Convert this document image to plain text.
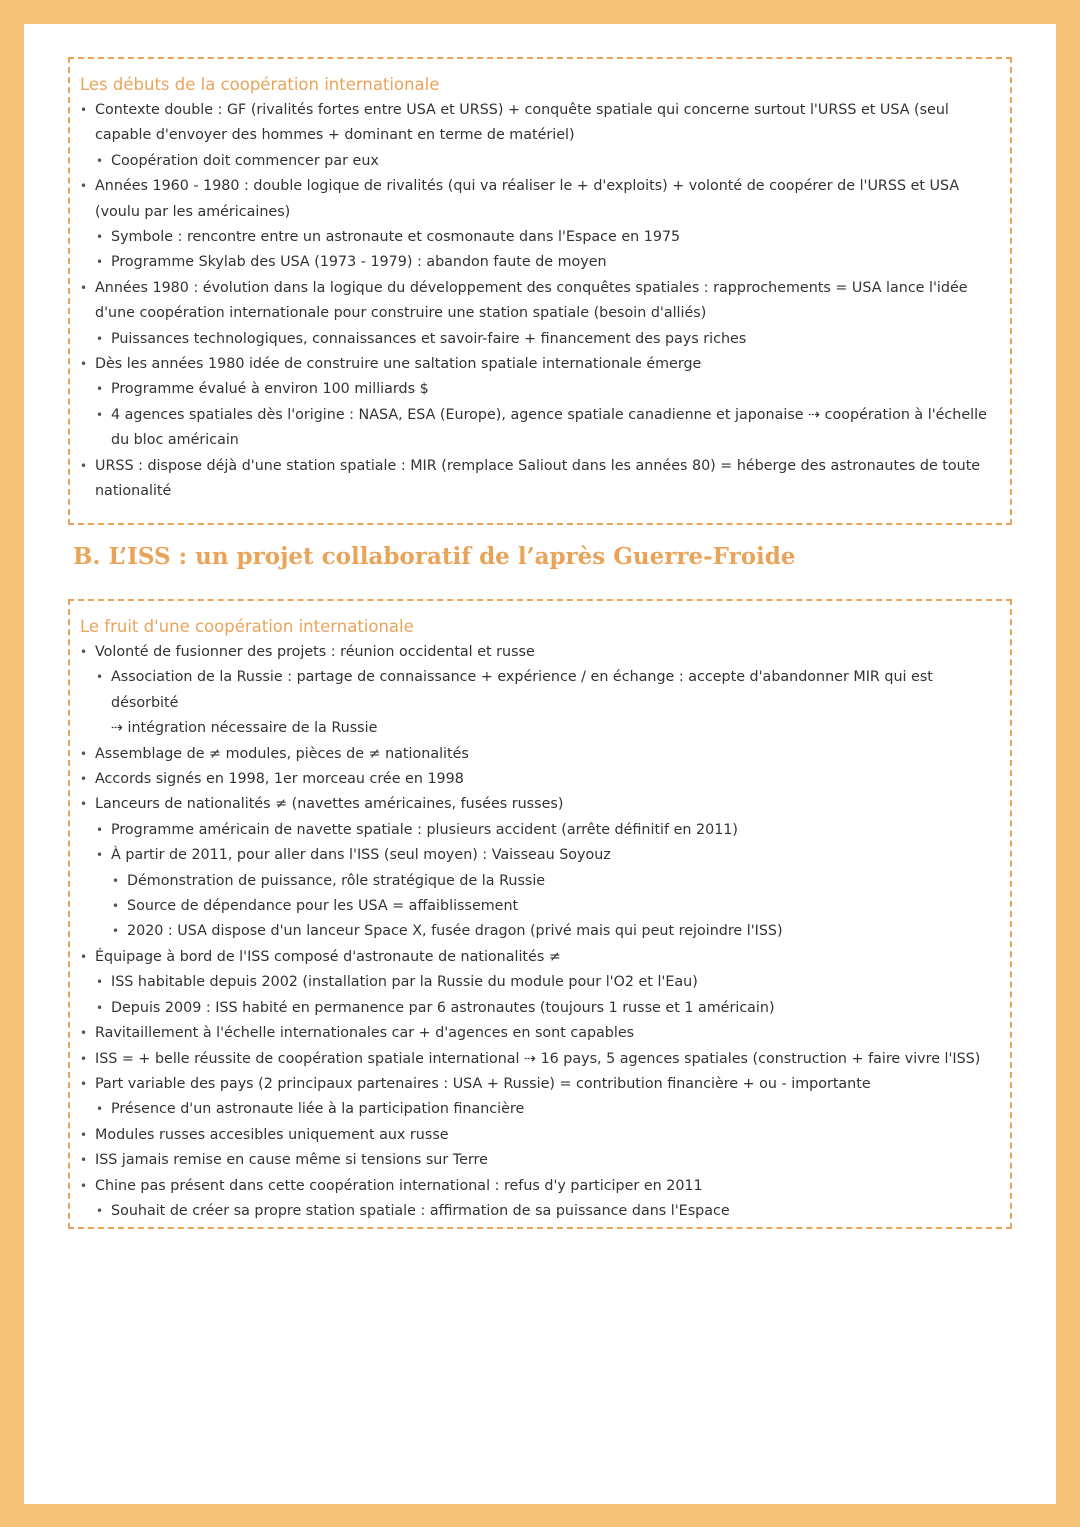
Les débuts de la coopération internationale
• Contexte double : GF (rivalités fortes entre USA et URSS) + conquête spatiale qui concerne surtout l'URSS et USA (seul capable d'envoyer des hommes + dominant en terme de matériel)
• Coopération doit commencer par eux
• Années 1960 - 1980 : double logique de rivalités (qui va réaliser le + d'exploits) + volonté de coopérer de l'URSS et USA (voulu par les américaines)
• Symbole : rencontre entre un astronaute et cosmonaute dans l'Espace en 1975
• Programme Skylab des USA (1973 - 1979) : abandon faute de moyen
• Années 1980 : évolution dans la logique du développement des conquêtes spatiales : rapprochements = USA lance l'idée d'une coopération internationale pour construire une station spatiale (besoin d'alliés)
• Puissances technologiques, connaissances et savoir-faire + financement des pays riches
• Dès les années 1980 idée de construire une saltation spatiale internationale émerge
• Programme évalué à environ 100 milliards $
• 4 agences spatiales dès l'origine : NASA, ESA (Europe), agence spatiale canadienne et japonaise ⇢ coopération à l'échelle du bloc américain
• URSS : dispose déjà d'une station spatiale : MIR (remplace Saliout dans les années 80) = héberge des astronautes de toute nationalité
B. L’ISS : un projet collaboratif de l’après Guerre-Froide
Le fruit d'une coopération internationale
• Volonté de fusionner des projets : réunion occidental et russe
• Association de la Russie : partage de connaissance + expérience / en échange : accepte d'abandonner MIR qui est désorbité
⇢ intégration nécessaire de la Russie
• Assemblage de ≠ modules, pièces de ≠ nationalités
• Accords signés en 1998, 1er morceau crée en 1998
• Lanceurs de nationalités ≠ (navettes américaines, fusées russes)
• Programme américain de navette spatiale : plusieurs accident (arrête définitif en 2011)
• À partir de 2011, pour aller dans l'ISS (seul moyen) : Vaisseau Soyouz
• Démonstration de puissance, rôle stratégique de la Russie
• Source de dépendance pour les USA = affaiblissement
• 2020 : USA dispose d'un lanceur Space X, fusée dragon (privé mais qui peut rejoindre l'ISS)
• Équipage à bord de l'ISS composé d'astronaute de nationalités ≠
• ISS habitable depuis 2002 (installation par la Russie du module pour l'O2 et l'Eau)
• Depuis 2009 : ISS habité en permanence par 6 astronautes (toujours 1 russe et 1 américain)
• Ravitaillement à l'échelle internationales car + d'agences en sont capables
• ISS = + belle réussite de coopération spatiale international ⇢ 16 pays, 5 agences spatiales (construction + faire vivre l'ISS)
• Part variable des pays (2 principaux partenaires : USA + Russie) = contribution financière + ou - importante
• Présence d'un astronaute liée à la participation financière
• Modules russes accesibles uniquement aux russe
• ISS jamais remise en cause même si tensions sur Terre
• Chine pas présent dans cette coopération international : refus d'y participer en 2011
• Souhait de créer sa propre station spatiale : affirmation de sa puissance dans l'Espace
